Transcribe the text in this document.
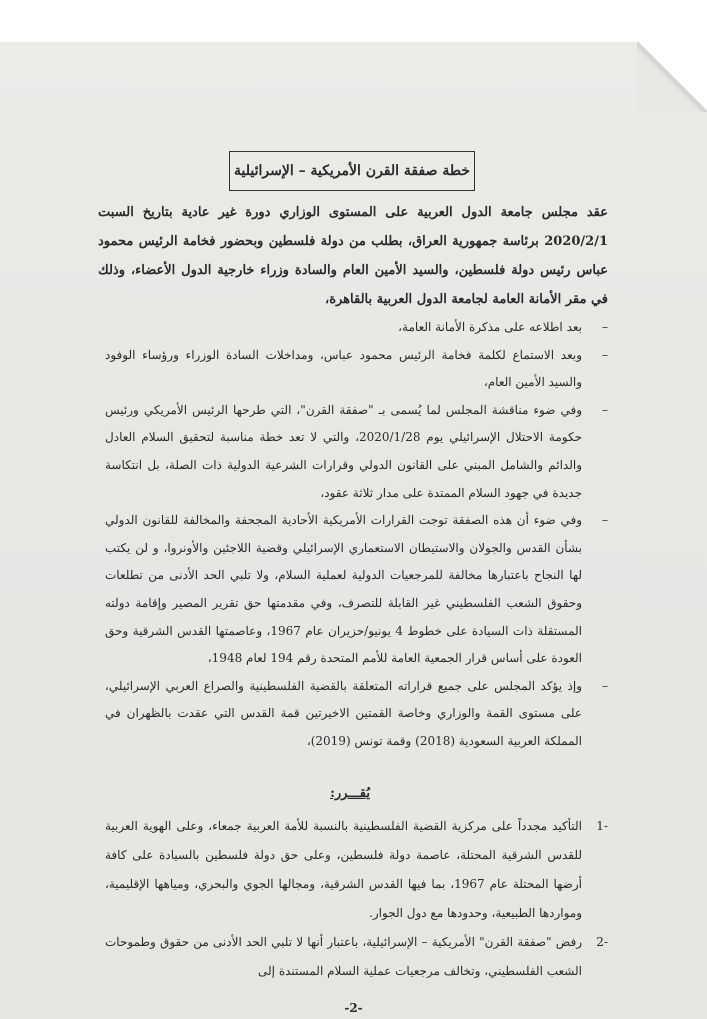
خطة صفقة القرن الأمريكية – الإسرائيلية
عقد مجلس جامعة الدول العربية على المستوى الوزاري دورة غير عادية بتاريخ السبت 2020/2/1 برئاسة جمهورية العراق، بطلب من دولة فلسطين وبحضور فخامة الرئيس محمود عباس رئيس دولة فلسطين، والسيد الأمين العام والسادة وزراء خارجية الدول الأعضاء، وذلك في مقر الأمانة العامة لجامعة الدول العربية بالقاهرة،
–
بعد اطلاعه على مذكرة الأمانة العامة،
–
وبعد الاستماع لكلمة فخامة الرئيس محمود عباس، ومداخلات السادة الوزراء ورؤساء الوفود والسيد الأمين العام،
–
وفي ضوء مناقشة المجلس لما يُسمى بـ "صفقة القرن"، التي طرحها الرئيس الأمريكي ورئيس حكومة الاحتلال الإسرائيلي يوم 2020/1/28، والتي لا تعد خطة مناسبة لتحقيق السلام العادل والدائم والشامل المبني على القانون الدولي وقرارات الشرعية الدولية ذات الصلة، بل انتكاسة جديدة في جهود السلام الممتدة على مدار ثلاثة عقود،
–
وفي ضوء أن هذه الصفقة توجت القرارات الأمريكية الأحادية المجحفة والمخالفة للقانون الدولي بشأن القدس والجولان والاستيطان الاستعماري الإسرائيلي وقضية اللاجئين والأونروا، و لن يكتب لها النجاح باعتبارها مخالفة للمرجعيات الدولية لعملية السلام، ولا تلبي الحد الأدنى من تطلعات وحقوق الشعب الفلسطيني غير القابلة للتصرف، وفي مقدمتها حق تقرير المصير وإقامة دولته المستقلة ذات السيادة على خطوط 4 يونيو/حزيران عام 1967، وعاصمتها القدس الشرقية وحق العودة على أساس قرار الجمعية العامة للأمم المتحدة رقم 194 لعام 1948،
–
وإذ يؤكد المجلس على جميع قراراته المتعلقة بالقضية الفلسطينية والصراع العربي الإسرائيلي، على مستوى القمة والوزاري وخاصة القمتين الاخيرتين قمة القدس التي عقدت بالظهران في المملكة العربية السعودية (2018) وقمة تونس (2019)،
يُقـــرر:
-1
التأكيد مجدداً على مركزية القضية الفلسطينية بالنسبة للأمة العربية جمعاء، وعلى الهوية العربية للقدس الشرقية المحتلة، عاصمة دولة فلسطين، وعلى حق دولة فلسطين بالسيادة على كافة أرضها المحتلة عام 1967، بما فيها القدس الشرقية، ومجالها الجوي والبحري، ومياهها الإقليمية، ومواردها الطبيعية، وحدودها مع دول الجوار.
-2
رفض "صفقة القرن" الأمريكية – الإسرائيلية، باعتبار أنها لا تلبي الحد الأدنى من حقوق وطموحات الشعب الفلسطيني، وتخالف مرجعيات عملية السلام المستندة إلى
-2-
